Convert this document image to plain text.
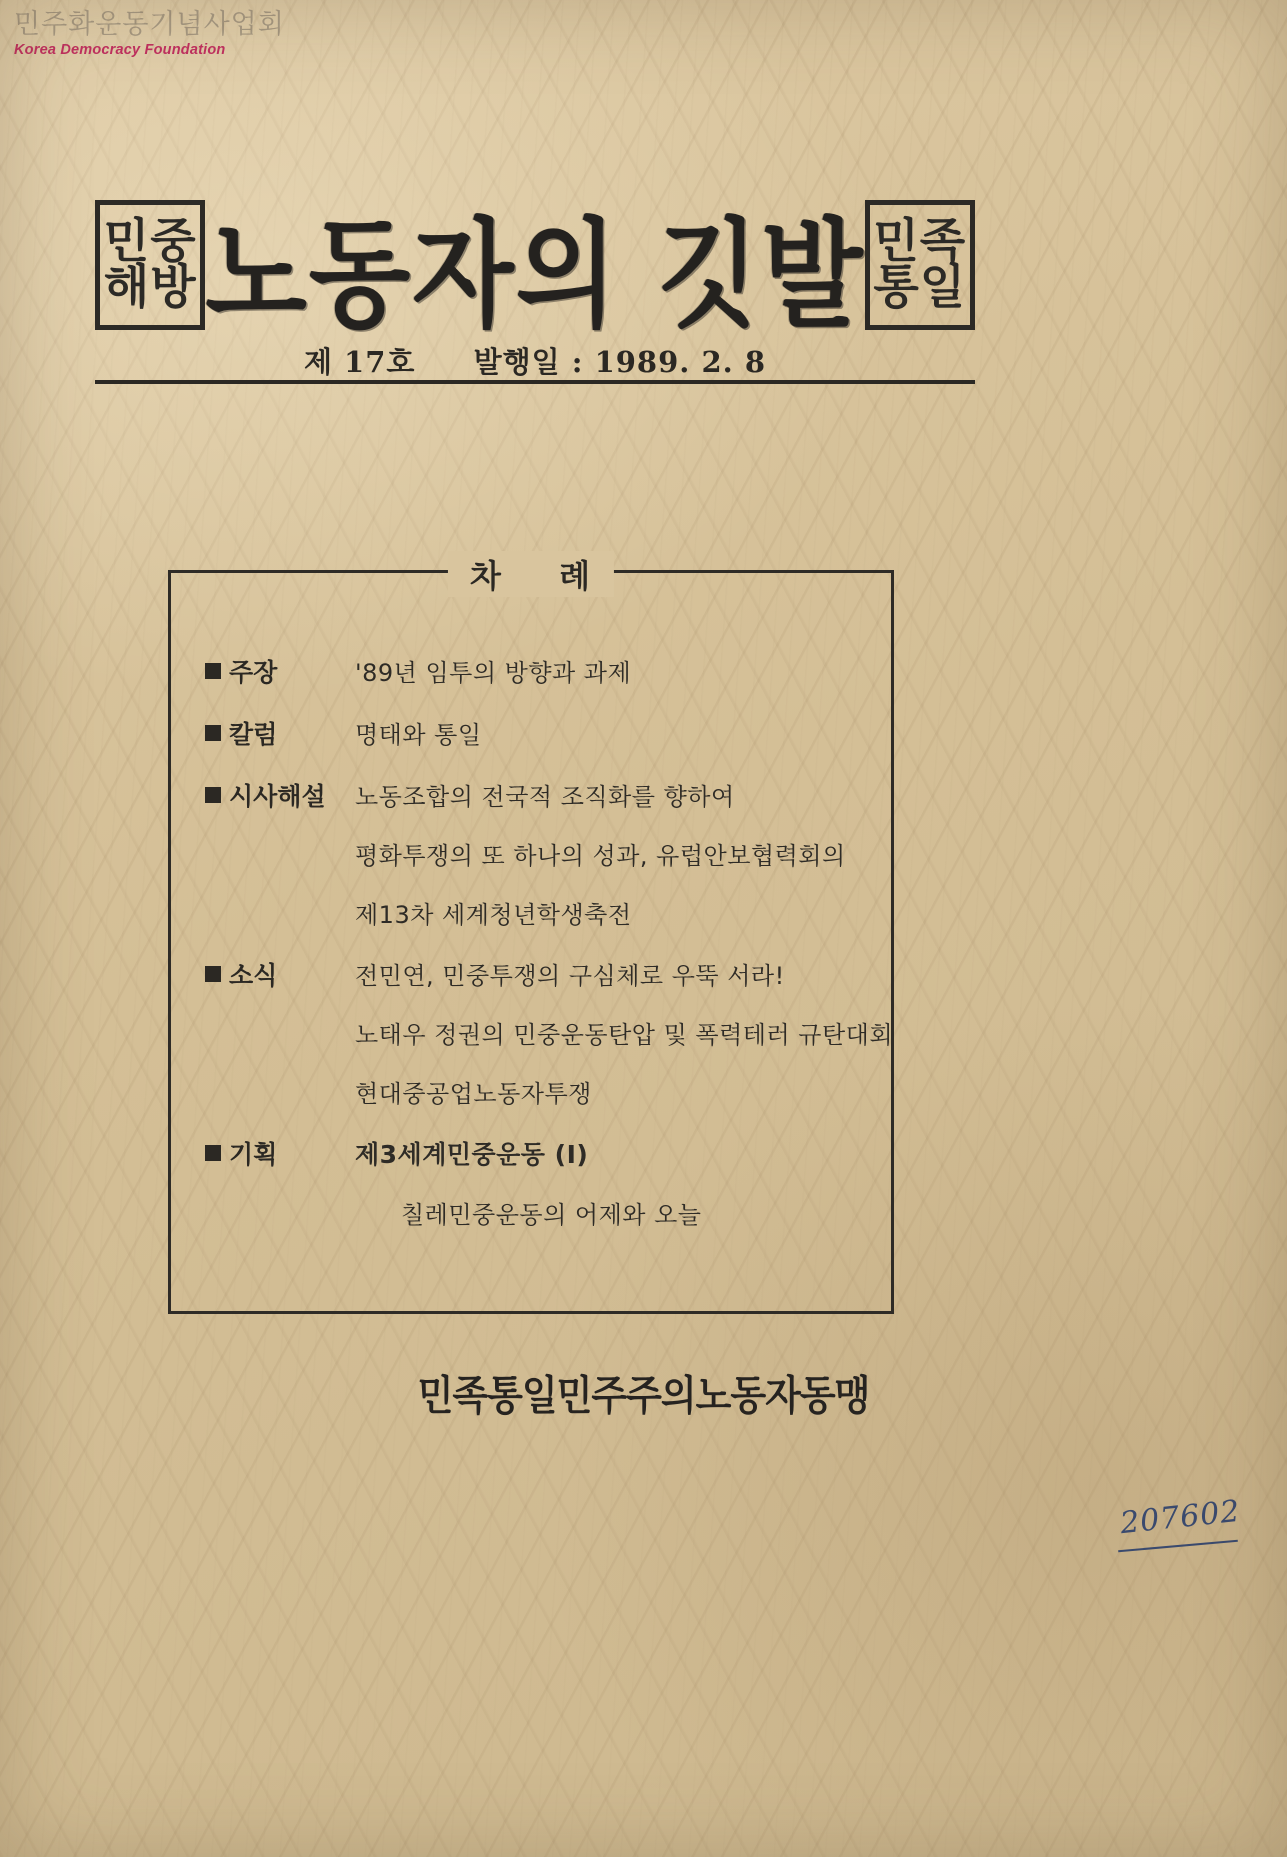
민주화운동기념사업회
Korea Democracy Foundation
민중
해방 노동자의 깃발 민족
통일
제 17호 발행일 : 1989. 2. 8
차 례
주장	'89년 임투의 방향과 과제
칼럼	명태와 통일
시사해설 노동조합의 전국적 조직화를 향하여
평화투쟁의 또 하나의 성과, 유럽안보협력회의
제13차 세계청년학생축전
소식	전민연, 민중투쟁의 구심체로 우뚝 서라!
노태우 정권의 민중운동탄압 및 폭력테러 규탄대회
현대중공업노동자투쟁
기획	제3세계민중운동 (Ⅰ)
칠레민중운동의 어제와 오늘
민족통일민주주의노동자동맹
207602
